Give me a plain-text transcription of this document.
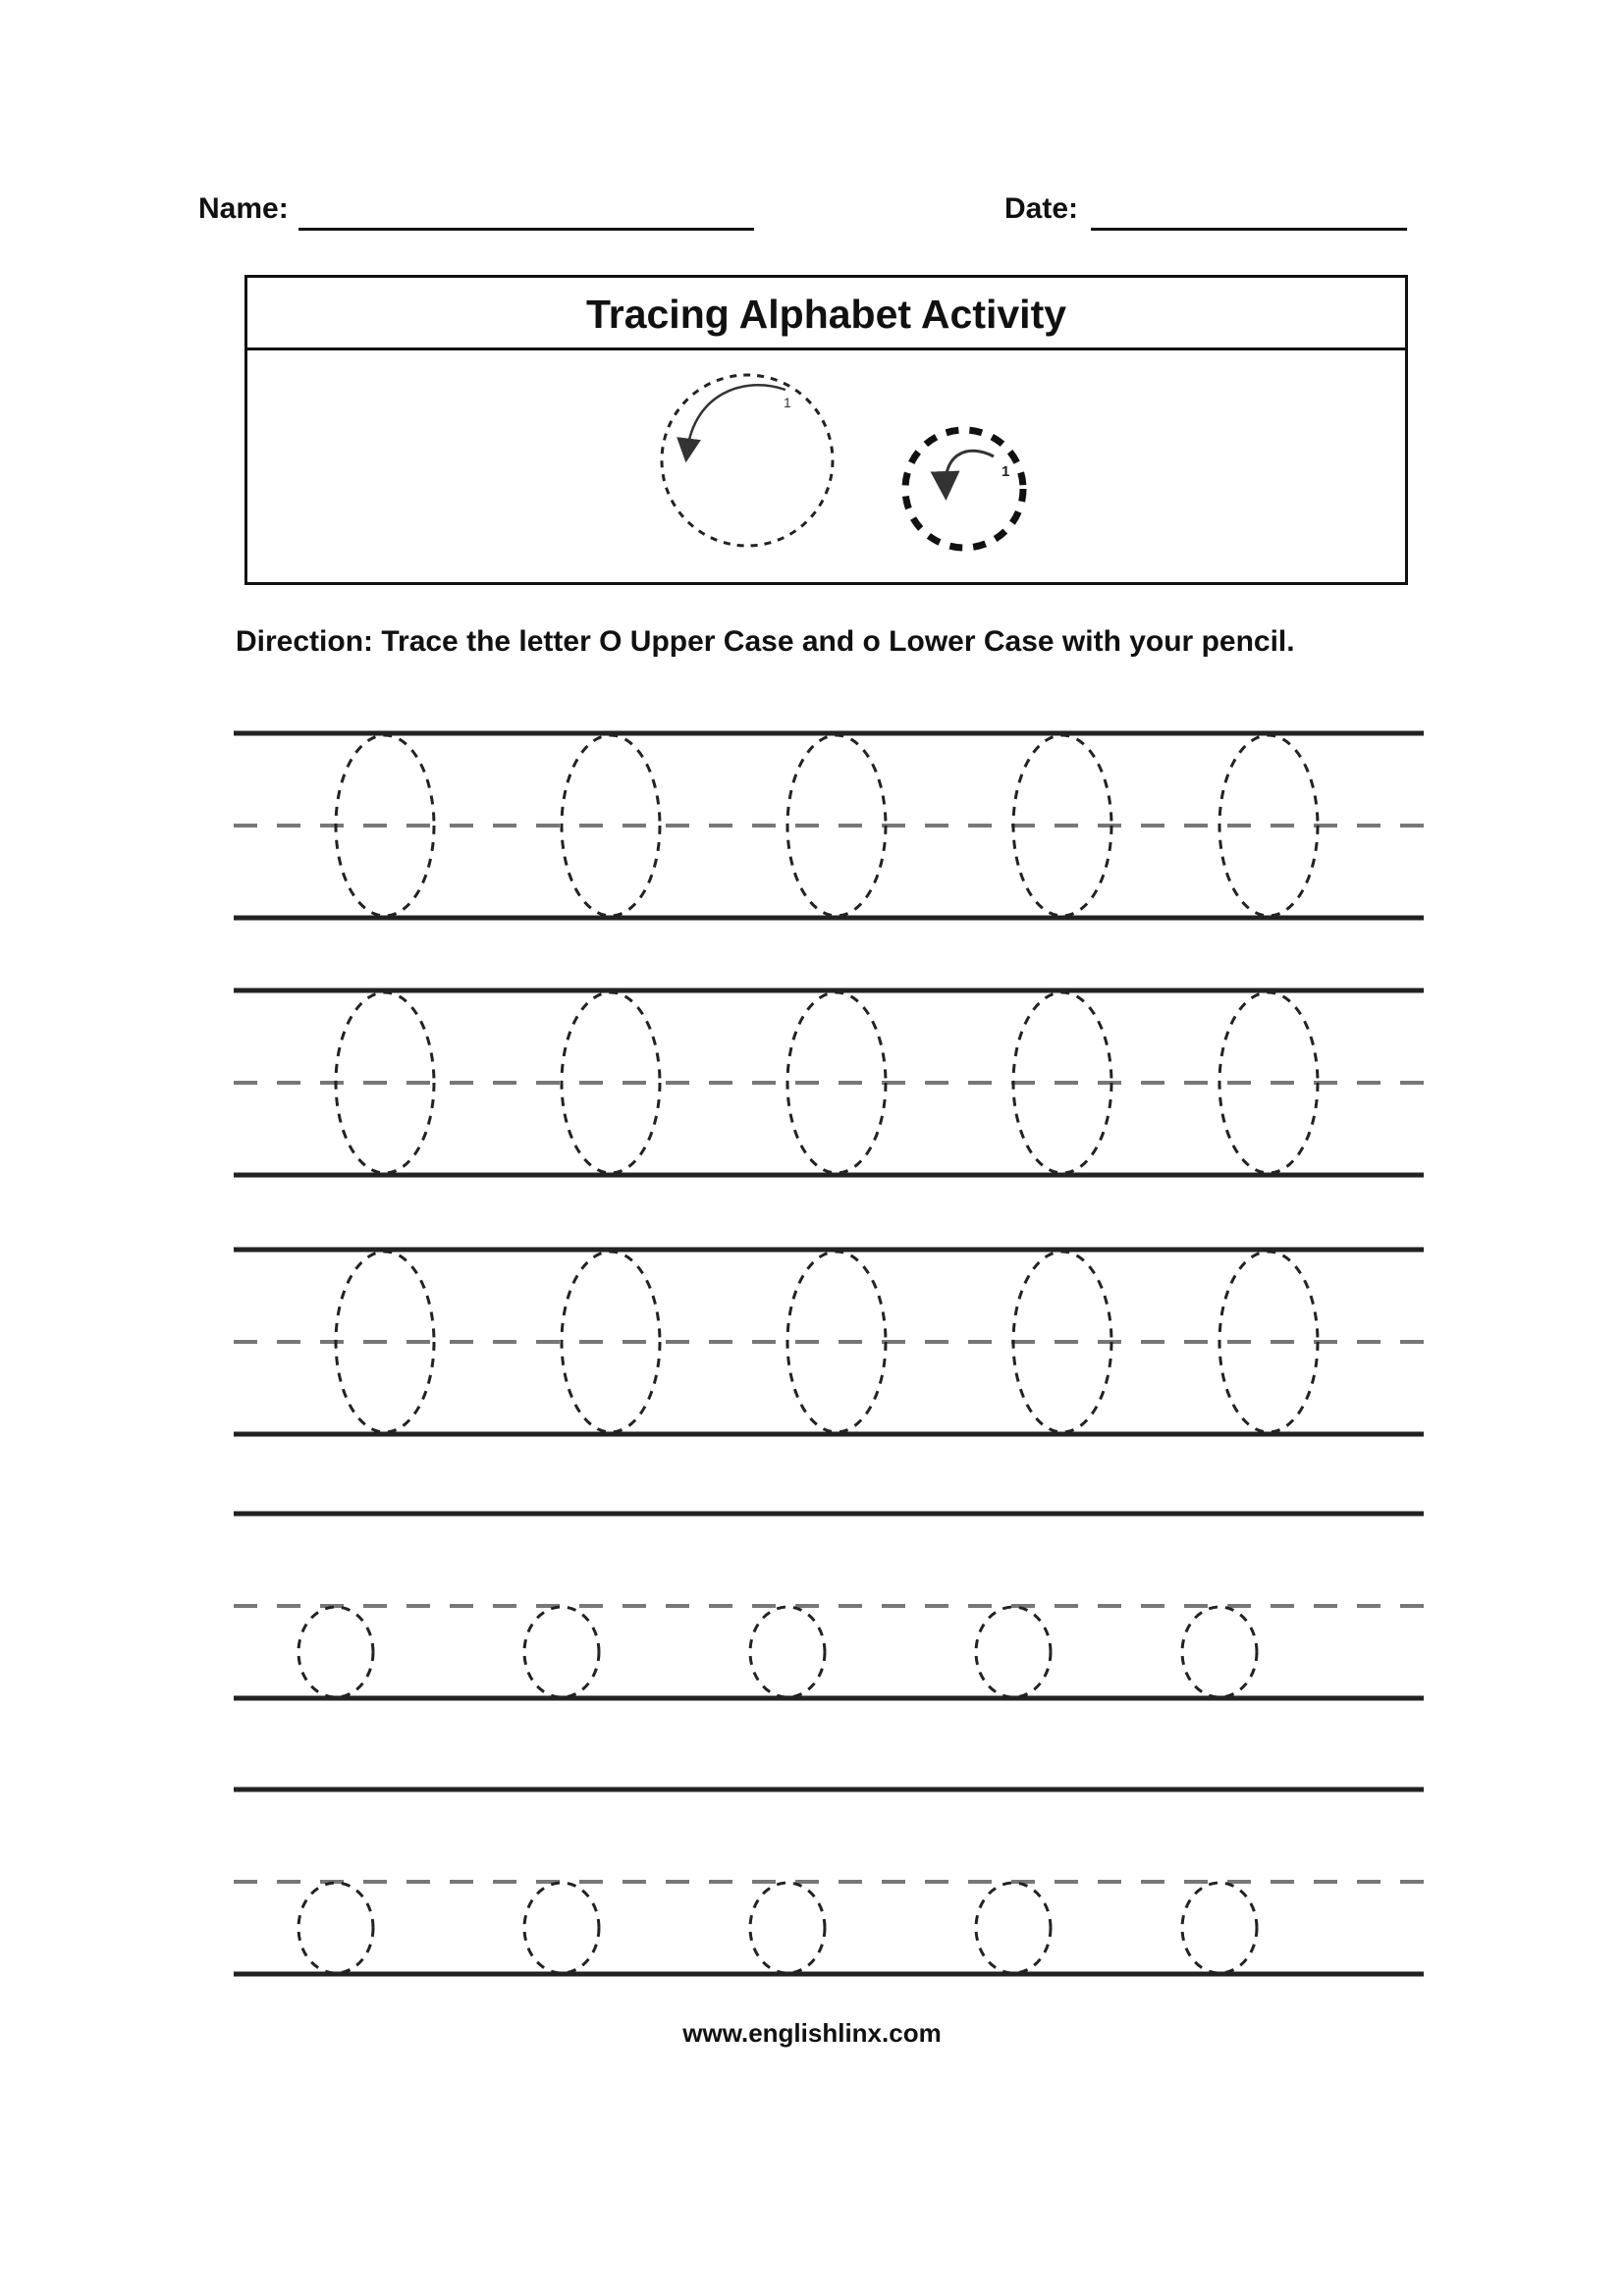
Name:	Date:
Tracing Alphabet Activity
1
1
Direction: Trace the letter O Upper Case and o Lower Case with your pencil.
www.englishlinx.com
